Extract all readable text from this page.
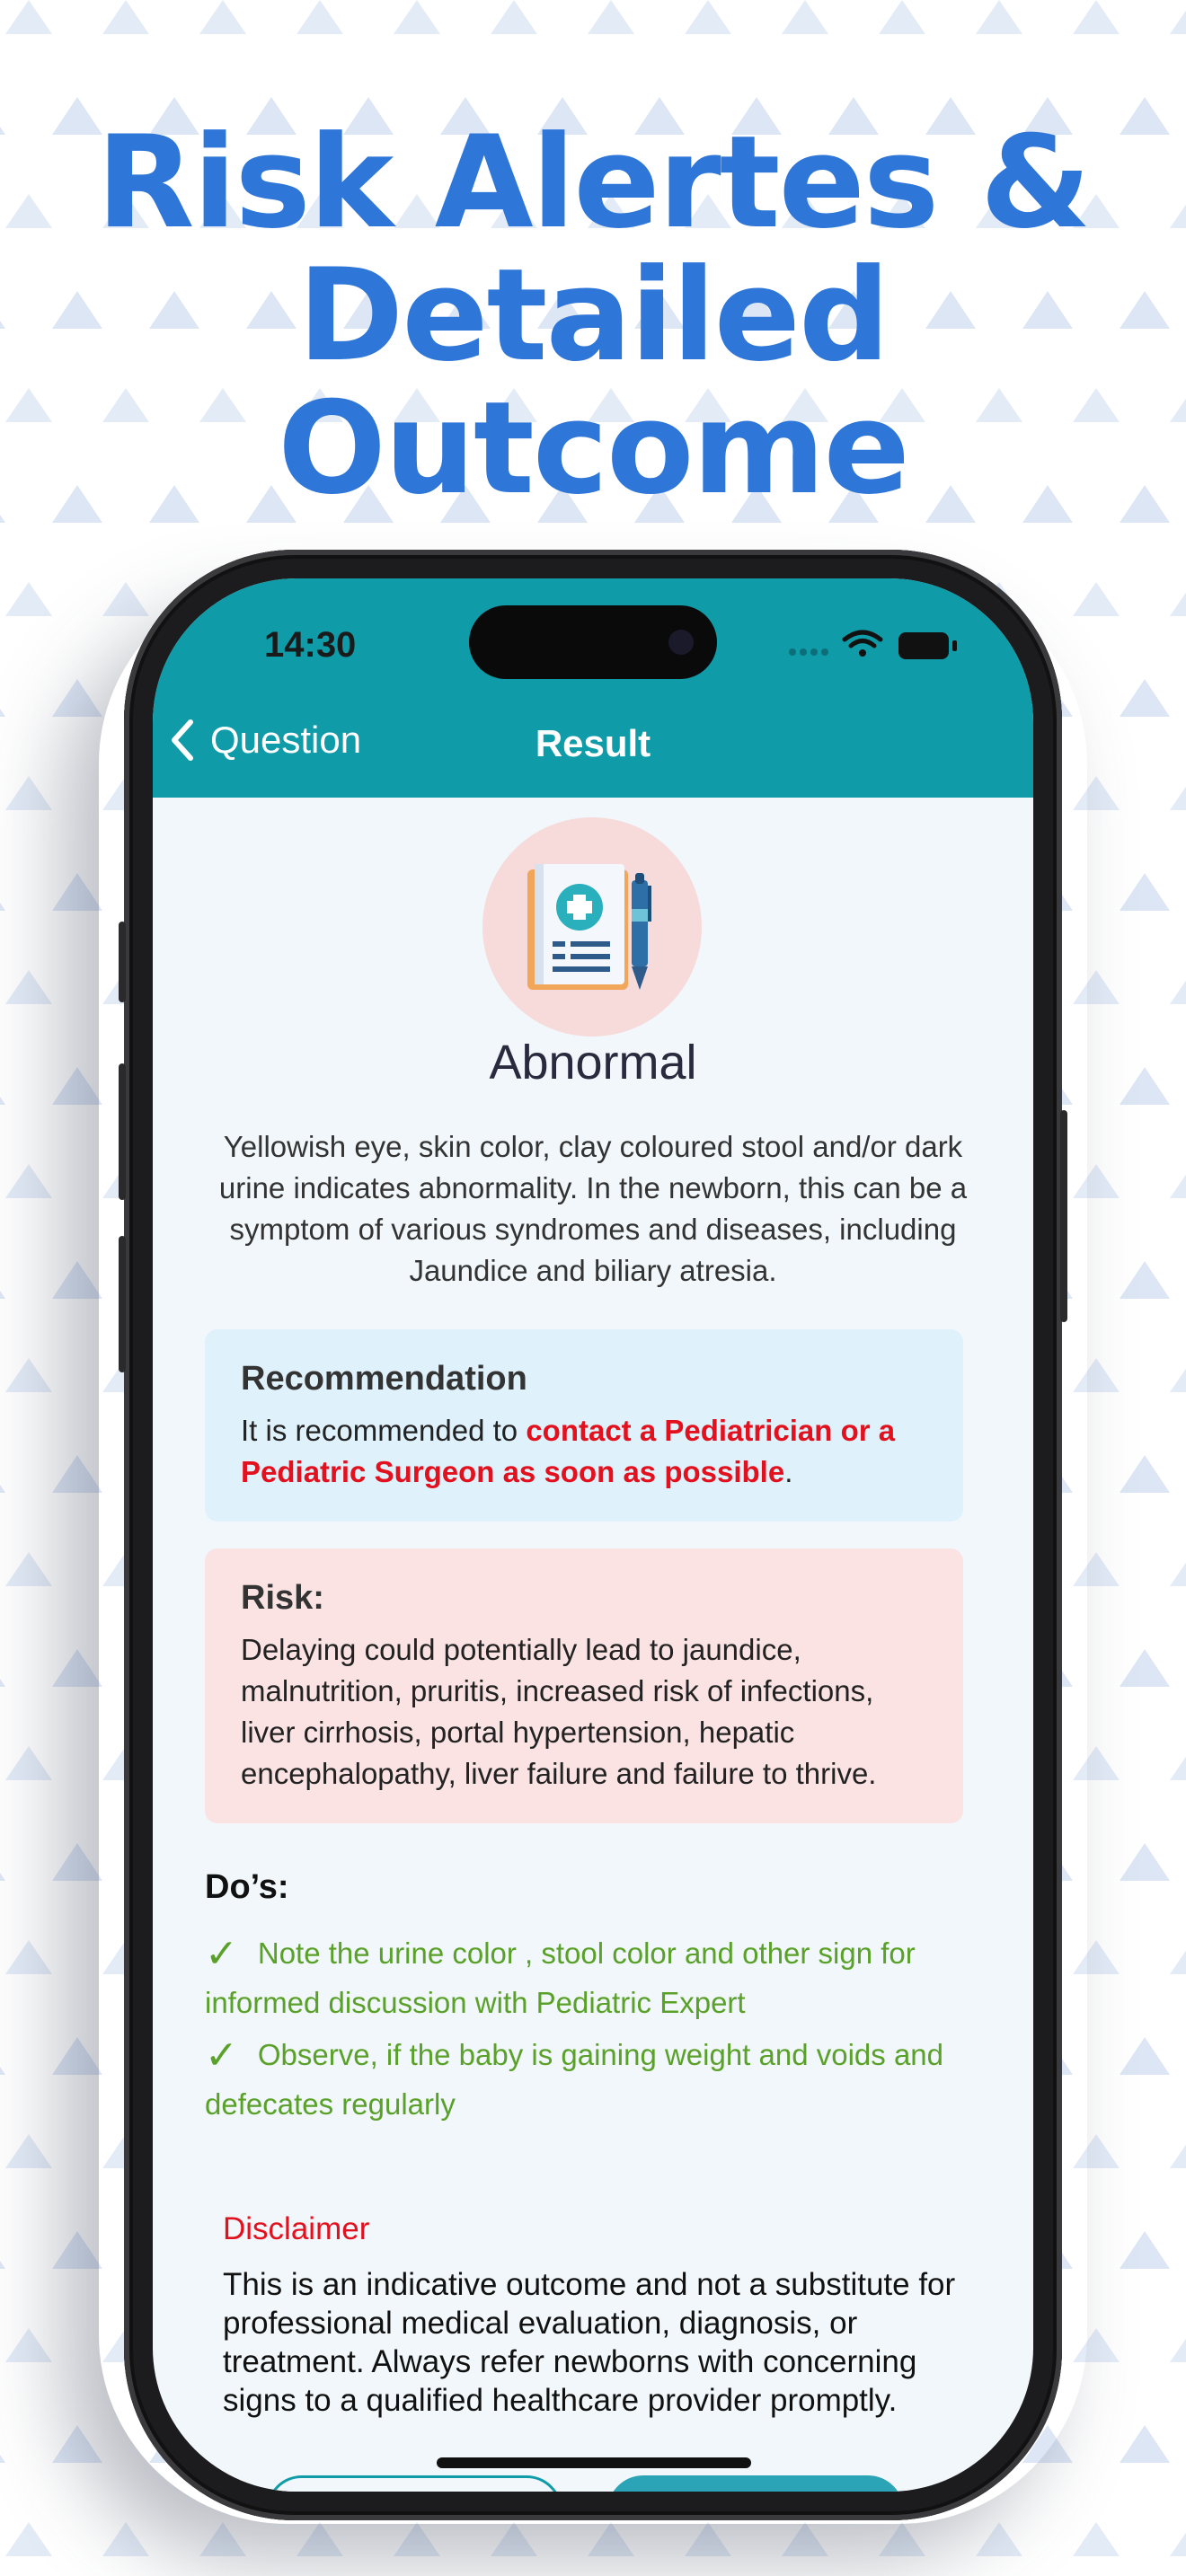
Risk Alertes &
Detailed
Outcome
14:30
Question	Result
Abnormal
Yellowish eye, skin color, clay coloured stool and/or dark urine indicates abnormality. In the newborn, this can be a symptom of various syndromes and diseases, including Jaundice and biliary atresia.
Recommendation
It is recommended to contact a Pediatrician or a Pediatric Surgeon as soon as possible.
Risk:
Delaying could potentially lead to jaundice, malnutrition, pruritis, increased risk of infections, liver cirrhosis, portal hypertension, hepatic encephalopathy, liver failure and failure to thrive.
Do’s:
✓ Note the urine color , stool color and other sign for informed discussion with Pediatric Expert
✓ Observe, if the baby is gaining weight and voids and defecates regularly
Disclaimer
This is an indicative outcome and not a substitute for professional medical evaluation, diagnosis, or treatment. Always refer newborns with concerning signs to a qualified healthcare provider promptly.
